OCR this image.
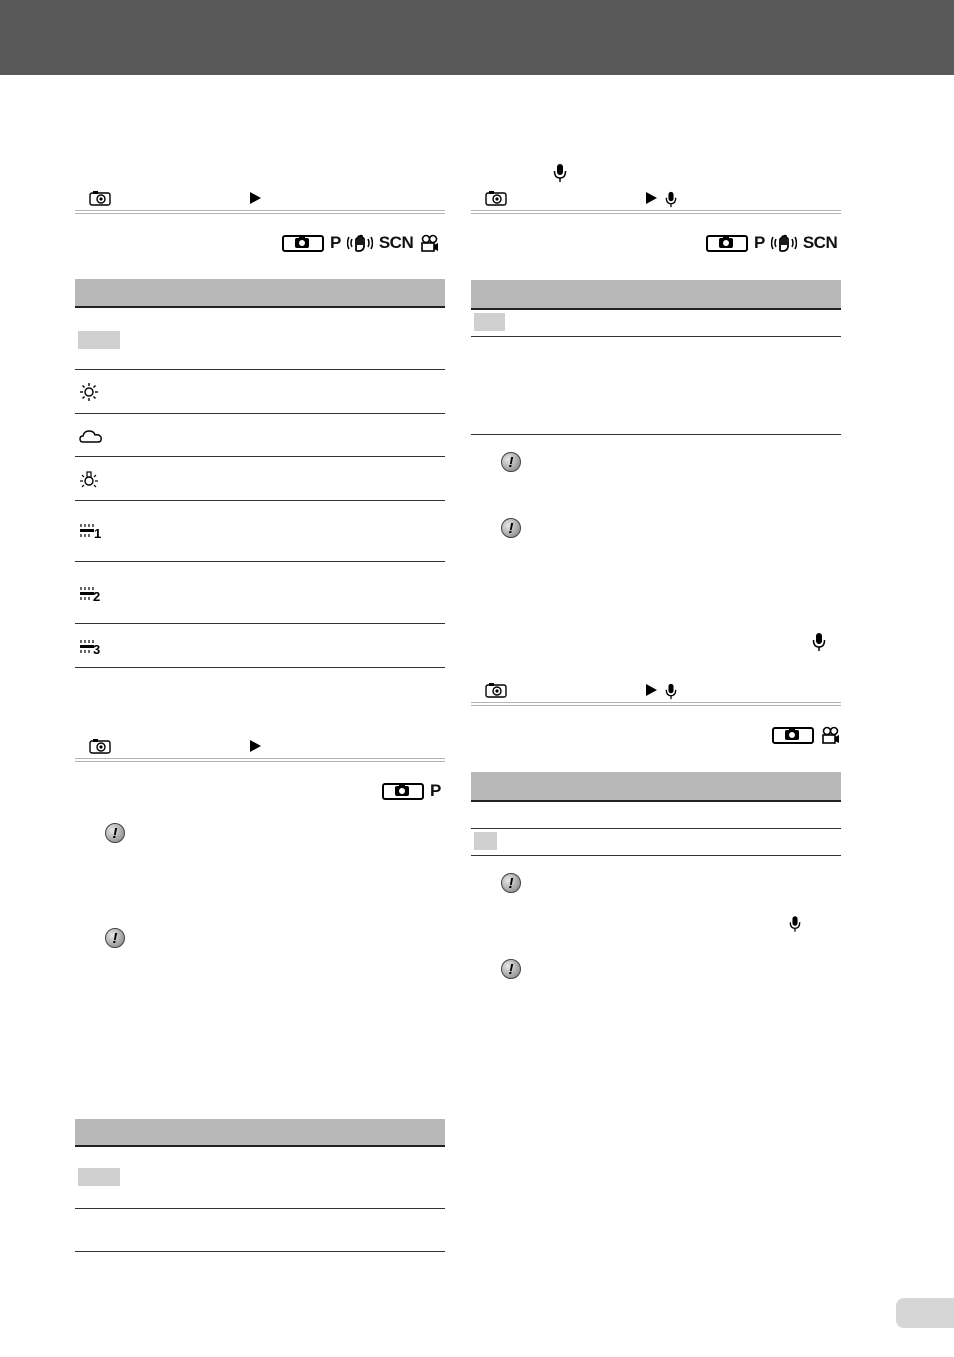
P SCN
1
2
3
P
!
!
P SCN
!
!
!
!
